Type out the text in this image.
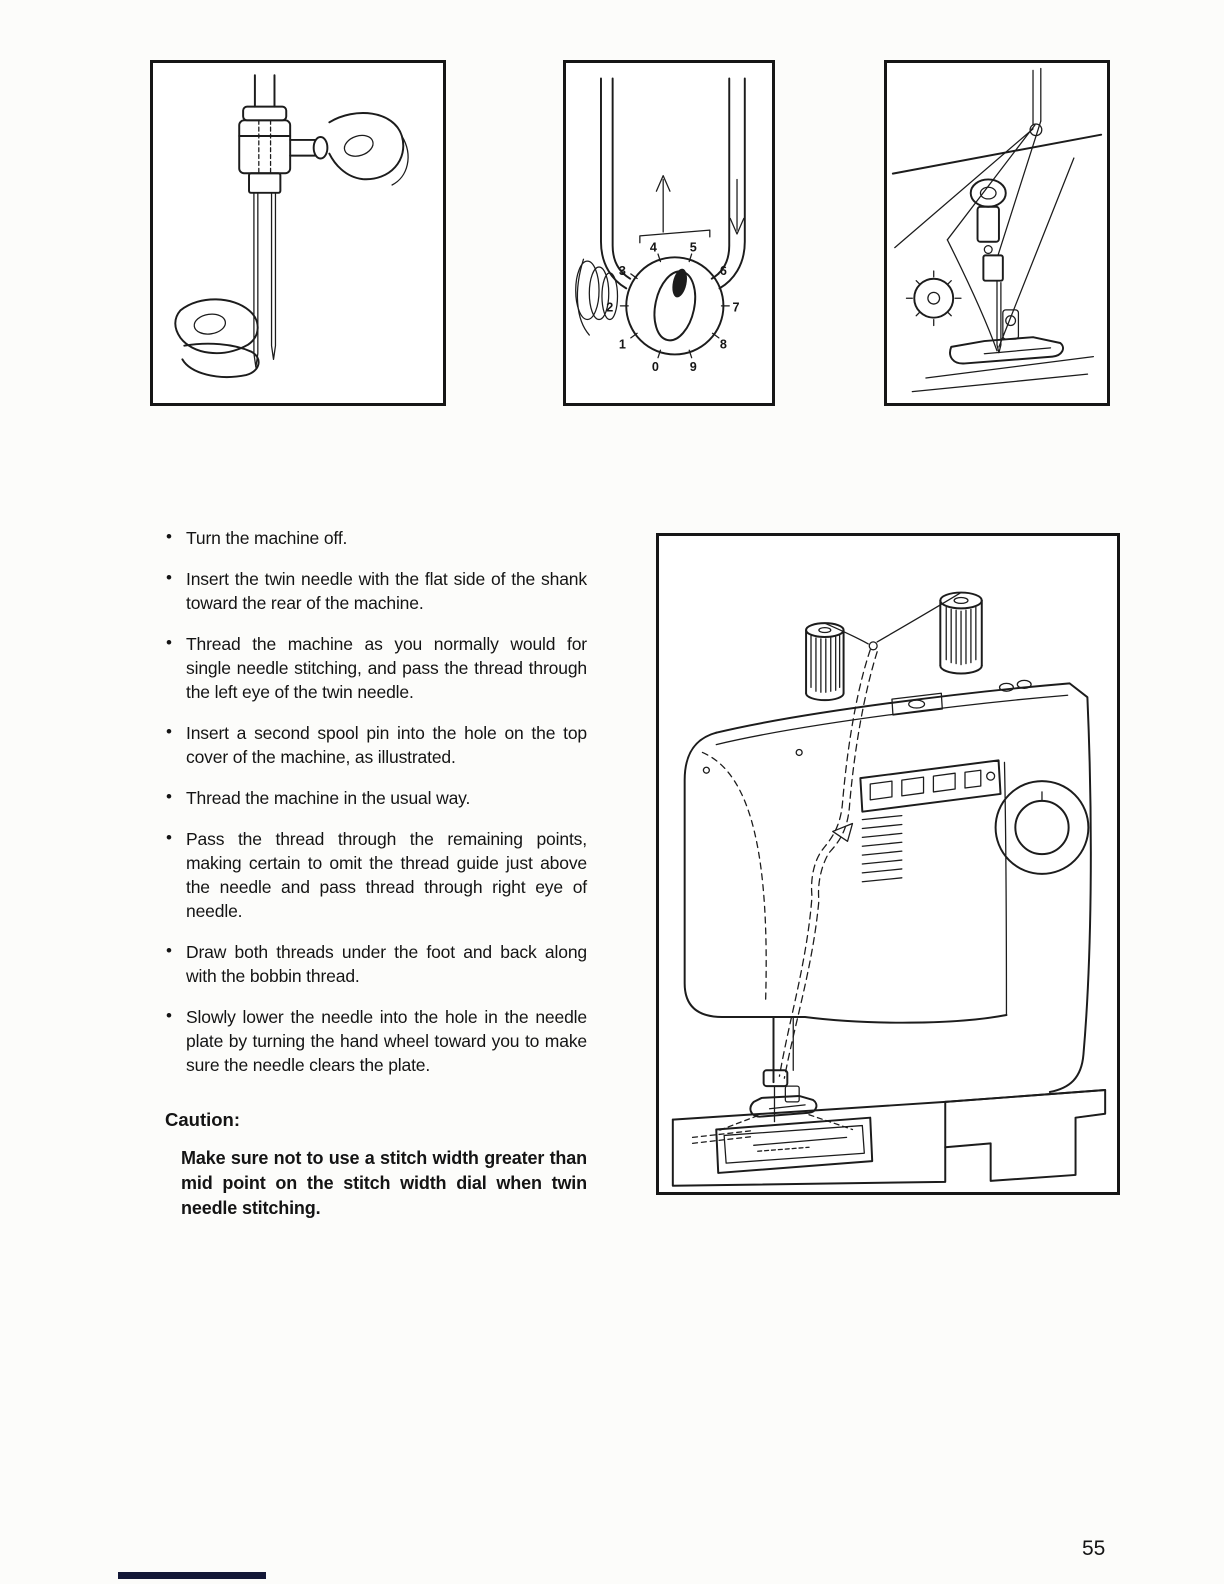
0
1
2
3
4	5
6
7
8
9
• Turn the machine off.
• Insert the twin needle with the flat side of the shank toward the rear of the machine.
• Thread the machine as you normally would for single needle stitching, and pass the thread through the left eye of the twin needle.
• Insert a second spool pin into the hole on the top cover of the machine, as illustrated.
• Thread the machine in the usual way.
• Pass the thread through the remaining points, making certain to omit the thread guide just above the needle and pass thread through right eye of needle.
• Draw both threads under the foot and back along with the bobbin thread.
• Slowly lower the needle into the hole in the needle plate by turning the hand wheel toward you to make sure the needle clears the plate.
Caution:

Make sure not to use a stitch width greater than mid point on the stitch width dial when twin needle stitching.

55
